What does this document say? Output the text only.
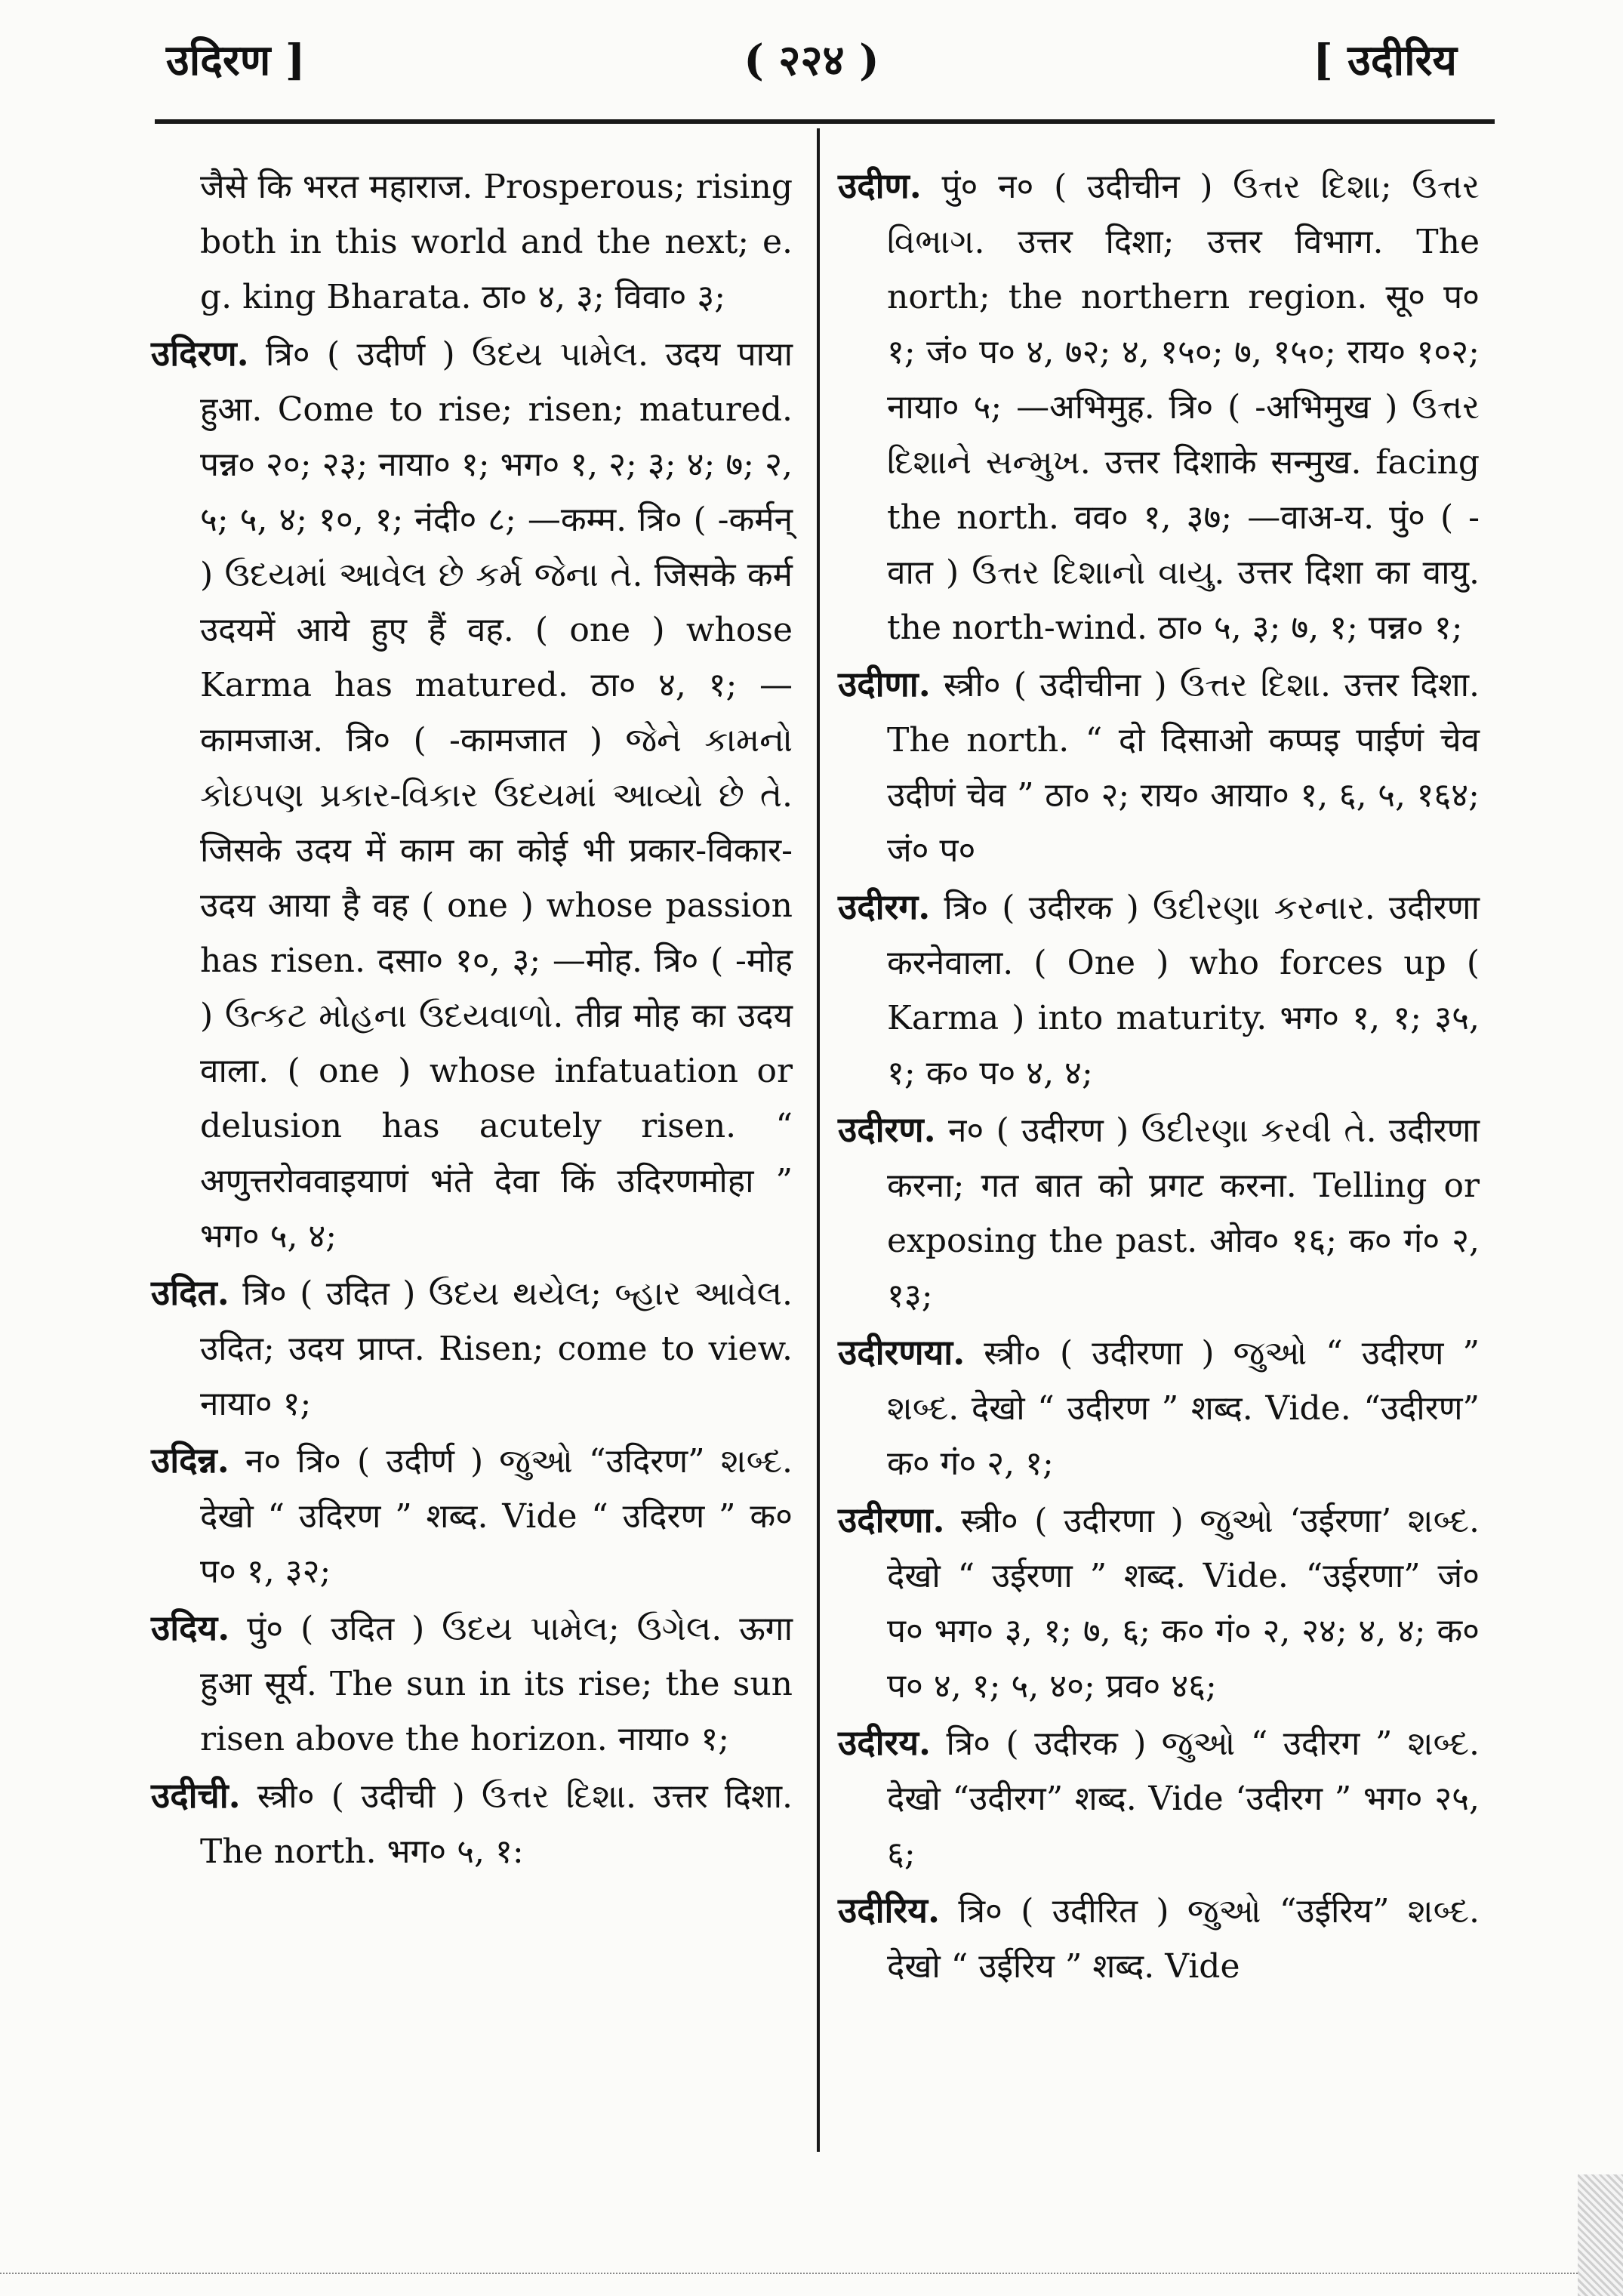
उदिरण ]	( २२४ )	[ उदीरिय

जैसे कि भरत महाराज. Prosperous; rising both in this world and the next; e. g. king Bharata. ठा० ४, ३; विवा० ३;

उदिरण. त्रि० ( उदीर्ण ) ઉદય પામેલ. उदय पाया हुआ. Come to rise; risen; matured. पन्न० २०; २३; नाया० १; भग० १, २; ३; ४; ७; २, ५; ५, ४; १०, १; नंदी० ८; —कम्म. त्रि० ( -कर्मन् ) ઉદયમાં આવેલ છે કર્મ જેના તે. जिसके कर्म उदयमें आये हुए हैं वह. ( one ) whose Karma has matured. ठा० ४, १; —कामजाअ. त्रि० ( -कामजात ) જેને કામનો કોઇપણ પ્રકાર-વિકાર ઉદયમાં આવ્યો છે તે. जिसके उदय में काम का कोई भी प्रकार-विकार-उदय आया है वह ( one ) whose passion has risen. दसा० १०, ३; —मोह. त्रि० ( -मोह ) ઉત્કટ મોહના ઉદયવાળો. तीव्र मोह का उदय वाला. ( one ) whose infatuation or delusion has acutely risen. “ अणुत्तरोववाइयाणं भंते देवा किं उदिरणमोहा ” भग० ५, ४;

उदित. त्रि० ( उदित ) ઉદય થયેલ; બ્હાર આવેલ. उदित; उदय प्राप्त. Risen; come to view. नाया० १;

उदिन्न. न० त्रि० ( उदीर्ण ) જુઓ “उदिरण” શબ્દ. देखो “ उदिरण ” शब्द. Vide “ उदिरण ” क० प० १, ३२;

उदिय. पुं० ( उदित ) ઉદય પામેલ; ઉગેલ. ऊगा हुआ सूर्य. The sun in its rise; the sun risen above the horizon. नाया० १;

उदीची. स्त्री० ( उदीची ) ઉત્તર દિશા. उत्तर दिशा. The north. भग० ५, १:

उदीण. पुं० न० ( उदीचीन ) ઉત્તર દિશા; ઉત્તર વિભાગ. उत्तर दिशा; उत्तर विभाग. The north; the northern region. सू० प० १; जं० प० ४, ७२; ४, १५०; ७, १५०; राय० १०२; नाया० ५; —अभिमुह. त्रि० ( -अभिमुख ) ઉત્તર દિશાને સન્મુખ. उत्तर दिशाके सन्मुख. facing the north. वव० १, ३७; —वाअ-य. पुं० ( -वात ) ઉત્તર દિશાનો વાયુ. उत्तर दिशा का वायु. the north-wind. ठा० ५, ३; ७, १; पन्न० १;

उदीणा. स्त्री० ( उदीचीना ) ઉત્તર દિશા. उत्तर दिशा. The north. “ दो दिसाओ कप्पइ पाईणं चेव उदीणं चेव ” ठा० २; राय० आया० १, ६, ५, १६४; जं० प०

उदीरग. त्रि० ( उदीरक ) ઉદીરણા કરનાર. उदीरणा करनेवाला. ( One ) who forces up ( Karma ) into maturity. भग० १, १; ३५, १; क० प० ४, ४;

उदीरण. न० ( उदीरण ) ઉદીરણા કરવી તે. उदीरणा करना; गत बात को प्रगट करना. Telling or exposing the past. ओव० १६; क० गं० २, १३;

उदीरणया. स्त्री० ( उदीरणा ) જુઓ “ उदीरण ” શબ્દ. देखो “ उदीरण ” शब्द. Vide. “उदीरण” क० गं० २, १;

उदीरणा. स्त्री० ( उदीरणा ) જુઓ ‘उईरणा’ શબ્દ. देखो “ उईरणा ” शब्द. Vide. “उईरणा” जं० प० भग० ३, १; ७, ६; क० गं० २, २४; ४, ४; क० प० ४, १; ५, ४०; प्रव० ४६;

उदीरय. त्रि० ( उदीरक ) જુઓ “ उदीरग ” શબ્દ. देखो “उदीरग” शब्द. Vide ‘उदीरग ” भग० २५, ६;

उदीरिय. त्रि० ( उदीरित ) જુઓ “उईरिय” શબ્દ. देखो “ उईरिय ” शब्द. Vide
